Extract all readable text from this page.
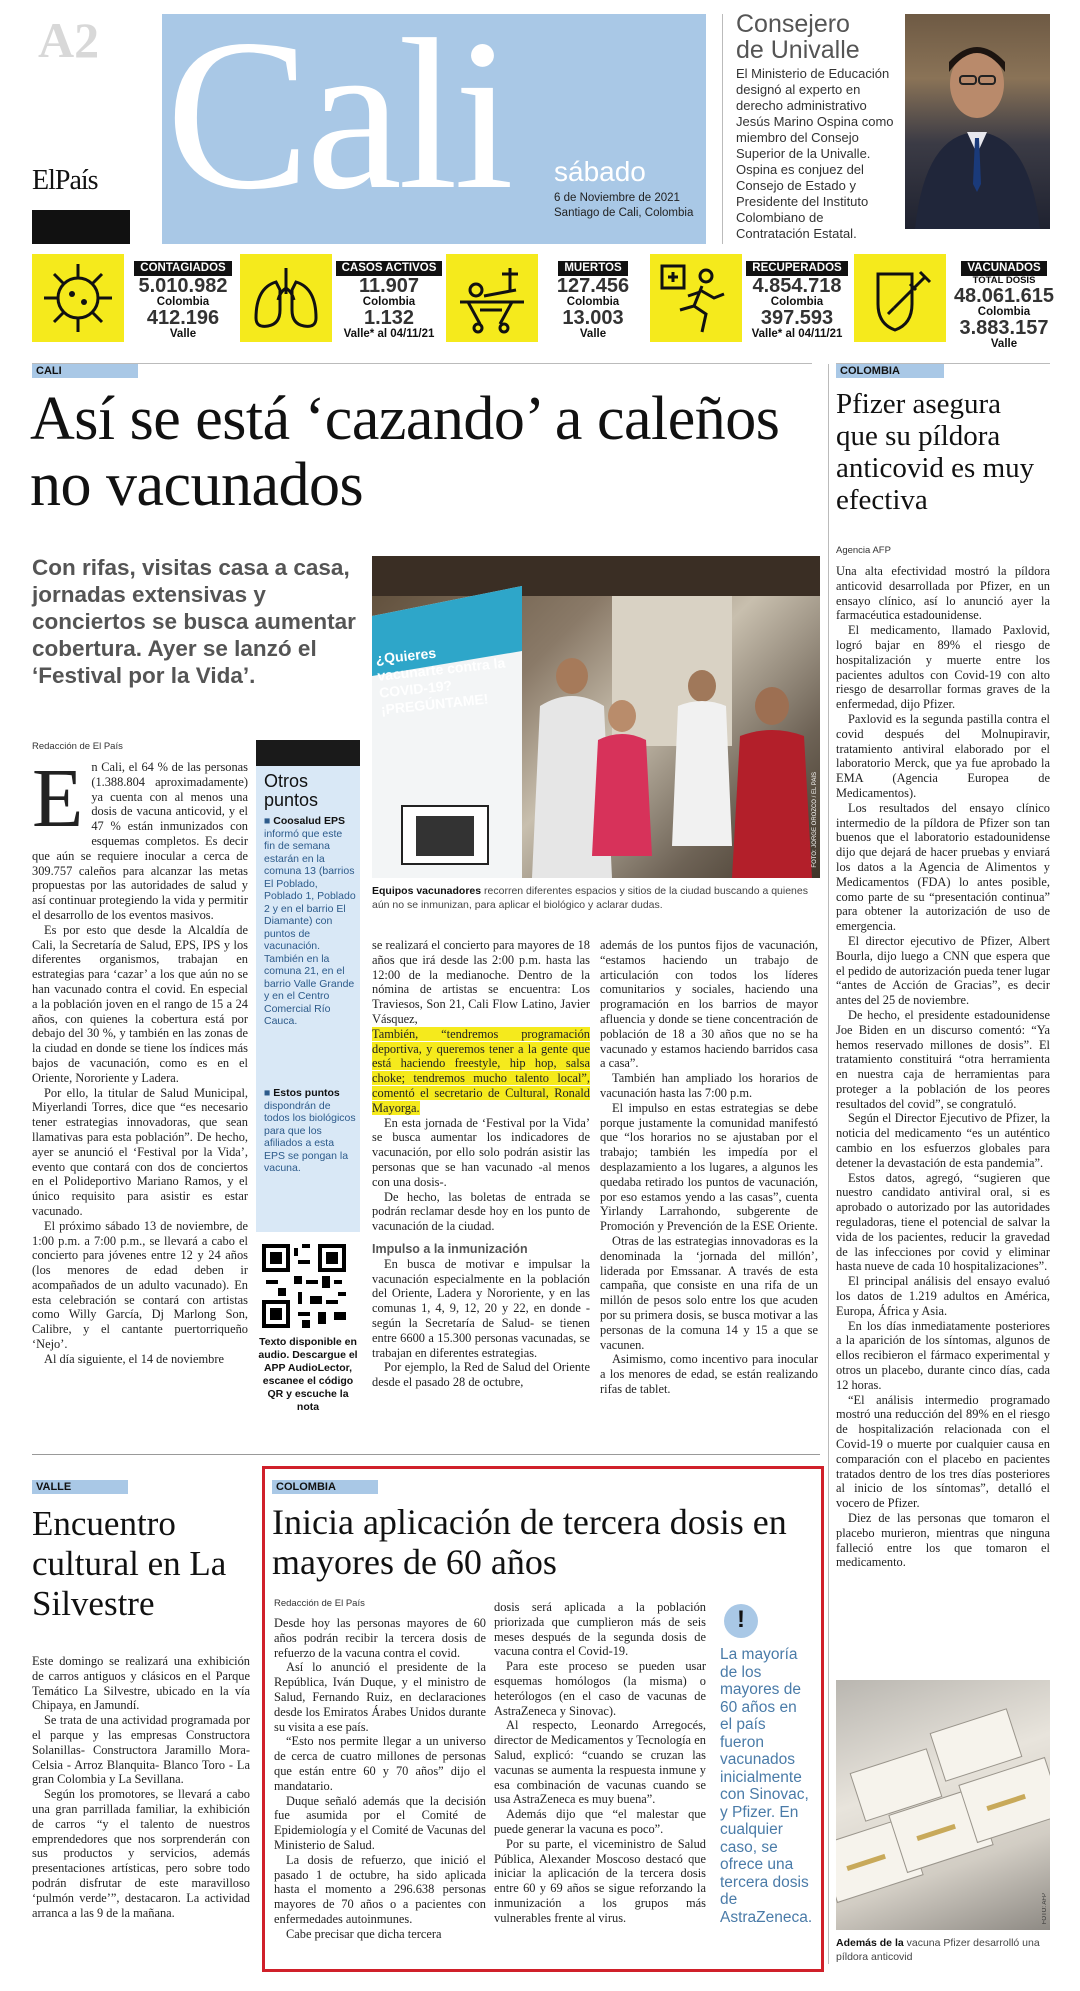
A2
ElPaís Cali sábado
6 de Noviembre de 2021
Santiago de Cali, Colombia
Consejero
de Univalle
El Ministerio de Educación designó al experto en derecho administrativo Jesús Marino Ospina como miembro del Consejo Superior de la Univalle. Ospina es conjuez del Consejo de Estado y Presidente del Instituto Colombiano de Contratación Estatal.
CONTAGIADOS
5.010.982
Colombia
412.196
Valle
CASOS ACTIVOS
11.907
Colombia
1.132
Valle* al 04/11/21
MUERTOS
127.456
Colombia
13.003
Valle
RECUPERADOS
4.854.718
Colombia
397.593
Valle* al 04/11/21
VACUNADOS
TOTAL DOSIS
48.061.615
Colombia
3.883.157
Valle
CALI
Así se está ‘cazando’ a caleños no vacunados
Con rifas, visitas casa a casa, jornadas extensivas y conciertos se busca aumentar cobertura. Ayer se lanzó el ‘Festival por la Vida’.
¿Quieres vacunarte contra la COVID-19? ¡PREGÚNTAME!
FOTO: JORGE OROZCO / EL PAÍS
Equipos vacunadores recorren diferentes espacios y sitios de la ciudad buscando a quienes aún no se inmunizan, para aplicar el biológico y aclarar dudas.
Redacción de El País
E n Cali, el 64 % de las personas (1.388.804 aproximadamente) ya cuenta con al menos una dosis de vacuna anticovid, y el 47 % están inmunizados con esquemas completos. Es decir que aún se requiere inocular a cerca de 309.757 caleños para alcanzar las metas propuestas por las autoridades de salud y así continuar protegiendo la vida y permitir el desarrollo de los eventos masivos.

Es por esto que desde la Alcaldía de Cali, la Secretaría de Salud, EPS, IPS y los diferentes organismos, trabajan en estrategias para ‘cazar’ a los que aún no se han vacunado contra el covid. En especial a la población joven en el rango de 15 a 24 años, con quienes la cobertura está por debajo del 30 %, y también en las zonas de la ciudad en donde se tiene los índices más bajos de vacunación, como es en el Oriente, Nororiente y Ladera.

Por ello, la titular de Salud Municipal, Miyerlandi Torres, dice que “es necesario tener estrategias innovadoras, que sean llamativas para esta población”. De hecho, ayer se anunció el ‘Festival por la Vida’, evento que contará con dos de conciertos en el Polideportivo Mariano Ramos, y el único requisito para asistir es estar vacunado.

El próximo sábado 13 de noviembre, de 1:00 p.m. a 7:00 p.m., se llevará a cabo el concierto para jóvenes entre 12 y 24 años (los menores de edad deben ir acompañados de un adulto vacunado). En esta celebración se contará con artistas como Willy García, Dj Marlong Son, Calibre, y el cantante puertorriqueño ‘Nejo’.

Al día siguiente, el 14 de noviembre

Otros puntos
■ Coosalud EPS informó que este fin de semana estarán en la comuna 13 (barrios El Poblado, Poblado 1, Poblado 2 y en el barrio El Diamante) con puntos de vacunación. También en la comuna 21, en el barrio Valle Grande y en el Centro Comercial Río Cauca.
■ Estos puntos dispondrán de todos los biológicos para que los afiliados a esta EPS se pongan la vacuna.
Texto disponible en audio. Descargue el APP AudioLector, escanee el código QR y escuche la nota

se realizará el concierto para mayores de 18 años que irá desde las 2:00 p.m. hasta las 12:00 de la medianoche. Dentro de la nómina de artistas se encuentra: Los Traviesos, Son 21, Cali Flow Latino, Javier Vásquez,

También, “tendremos programación deportiva, y queremos tener a la gente que está haciendo freestyle, hip hop, salsa choke; tendremos mucho talento local”, comentó el secretario de Cultural, Ronald Mayorga.

En esta jornada de ‘Festival por la Vida’ se busca aumentar los indicadores de vacunación, por ello solo podrán asistir las personas que se han vacunado -al menos con una dosis-.

De hecho, las boletas de entrada se podrán reclamar desde hoy en los punto de vacunación de la ciudad.

Impulso a la inmunización

En busca de motivar e impulsar la vacunación especialmente en la población del Oriente, Ladera y Nororiente, y en las comunas 1, 4, 9, 12, 20 y 22, en donde -según la Secretaría de Salud- se tienen entre 6600 a 15.300 personas vacunadas, se trabajan en diferentes estrategias.

Por ejemplo, la Red de Salud del Oriente desde el pasado 28 de octubre,

además de los puntos fijos de vacunación, “estamos haciendo un trabajo de articulación con todos los líderes comunitarios y sociales, haciendo una programación en los barrios de mayor afluencia y donde se tiene concentración de población de 18 a 30 años que no se ha vacunado y estamos haciendo barridos casa a casa”.

También han ampliado los horarios de vacunación hasta las 7:00 p.m.

El impulso en estas estrategias se debe porque justamente la comunidad manifestó que “los horarios no se ajustaban por el trabajo; también les impedía por el desplazamiento a los lugares, a algunos les quedaba retirado los puntos de vacunación, por eso estamos yendo a las casas”, cuenta Yirlandy Larrahondo, subgerente de Promoción y Prevención de la ESE Oriente.

Otras de las estrategias innovadoras es la denominada la ‘jornada del millón’, liderada por Emssanar. A través de esta campaña, que consiste en una rifa de un millón de pesos solo entre los que acuden por su primera dosis, se busca motivar a las personas de la comuna 14 y 15 a que se vacunen.

Asimismo, como incentivo para inocular a los menores de edad, se están realizando rifas de tablet.

COLOMBIA
Pfizer asegura que su píldora anticovid es muy efectiva
Agencia AFP

Una alta efectividad mostró la píldora anticovid desarrollada por Pfizer, en un ensayo clínico, así lo anunció ayer la farmacéutica estadounidense.

El medicamento, llamado Paxlovid, logró bajar en 89% el riesgo de hospitalización y muerte entre los pacientes adultos con Covid-19 con alto riesgo de desarrollar formas graves de la enfermedad, dijo Pfizer.

Paxlovid es la segunda pastilla contra el covid después del Molnupiravir, tratamiento antiviral elaborado por el laboratorio Merck, que ya fue aprobado la EMA (Agencia Europea de Medicamentos).

Los resultados del ensayo clínico intermedio de la píldora de Pfizer son tan buenos que el laboratorio estadounidense dijo que dejará de hacer pruebas y enviará los datos a la Agencia de Alimentos y Medicamentos (FDA) lo antes posible, como parte de su “presentación continua” para obtener la autorización de uso de emergencia.

El director ejecutivo de Pfizer, Albert Bourla, dijo luego a CNN que espera que el pedido de autorización pueda tener lugar “antes de Acción de Gracias”, es decir antes del 25 de noviembre.

De hecho, el presidente estadounidense Joe Biden en un discurso comentó: “Ya hemos reservado millones de dosis”. El tratamiento constituirá “otra herramienta en nuestra caja de herramientas para proteger a la población de los peores resultados del covid”, se congratuló.

Según el Director Ejecutivo de Pfizer, la noticia del medicamento “es un auténtico cambio en los esfuerzos globales para detener la devastación de esta pandemia”.

Estos datos, agregó, “sugieren que nuestro candidato antiviral oral, si es aprobado o autorizado por las autoridades reguladoras, tiene el potencial de salvar la vida de los pacientes, reducir la gravedad de las infecciones por covid y eliminar hasta nueve de cada 10 hospitalizaciones”.

El principal análisis del ensayo evaluó los datos de 1.219 adultos en América, Europa, África y Asia.

En los días inmediatamente posteriores a la aparición de los síntomas, algunos de ellos recibieron el fármaco experimental y otros un placebo, durante cinco días, cada 12 horas.

“El análisis intermedio programado mostró una reducción del 89% en el riesgo de hospitalización relacionada con el Covid-19 o muerte por cualquier causa en comparación con el placebo en pacientes tratados dentro de los tres días posteriores al inicio de los síntomas”, detalló el vocero de Pfizer.

Diez de las personas que tomaron el placebo murieron, mientras que ninguna falleció entre los que tomaron el medicamento.

FOTO: AFP
Además de la vacuna Pfizer desarrolló una píldora anticovid
VALLE
Encuentro cultural en La Silvestre

Este domingo se realizará una exhibición de carros antiguos y clásicos en el Parque Temático La Silvestre, ubicado en la vía Chipaya, en Jamundí.

Se trata de una actividad programada por el parque y las empresas Constructora Solanillas- Constructora Jaramillo Mora- Celsia - Arroz Blanquita- Blanco Toro - La gran Colombia y La Sevillana.

Según los promotores, se llevará a cabo una gran parrillada familiar, la exhibición de carros “y el talento de nuestros emprendedores que nos sorprenderán con sus productos y servicios, además presentaciones artísticas, pero sobre todo podrán disfrutar de este maravilloso ‘pulmón verde’”, destacaron. La actividad arranca a las 9 de la mañana.

COLOMBIA
Inicia aplicación de tercera dosis en mayores de 60 años
Redacción de El País

Desde hoy las personas mayores de 60 años podrán recibir la tercera dosis de refuerzo de la vacuna contra el covid.

Así lo anunció el presidente de la República, Iván Duque, y el ministro de Salud, Fernando Ruiz, en declaraciones desde los Emiratos Árabes Unidos durante su visita a ese país.

“Esto nos permite llegar a un universo de cerca de cuatro millones de personas que están entre 60 y 70 años” dijo el mandatario.

Duque señaló además que la decisión fue asumida por el Comité de Epidemiología y el Comité de Vacunas del Ministerio de Salud.

La dosis de refuerzo, que inició el pasado 1 de octubre, ha sido aplicada hasta el momento a 296.638 personas mayores de 70 años o a pacientes con enfermedades autoinmunes.

Cabe precisar que dicha tercera

dosis será aplicada a la población priorizada que cumplieron más de seis meses después de la segunda dosis de vacuna contra el Covid-19.

Para este proceso se pueden usar esquemas homólogos (la misma) o heterólogos (en el caso de vacunas de AstraZeneca y Sinovac).

Al respecto, Leonardo Arregocés, director de Medicamentos y Tecnología en Salud, explicó: “cuando se cruzan las vacunas se aumenta la respuesta inmune y esa combinación de vacunas cuando se usa AstraZeneca es muy buena”.

Además dijo que “el malestar que puede generar la vacuna es poco”.

Por su parte, el viceministro de Salud Pública, Alexander Moscoso destacó que iniciar la aplicación de la tercera dosis entre 60 y 69 años se sigue reforzando la inmunización a los grupos más vulnerables frente al virus.

!
La mayoría de los mayores de 60 años en el país fueron vacunados inicialmente con Sinovac, y Pfizer. En cualquier caso, se ofrece una tercera dosis de AstraZeneca.
